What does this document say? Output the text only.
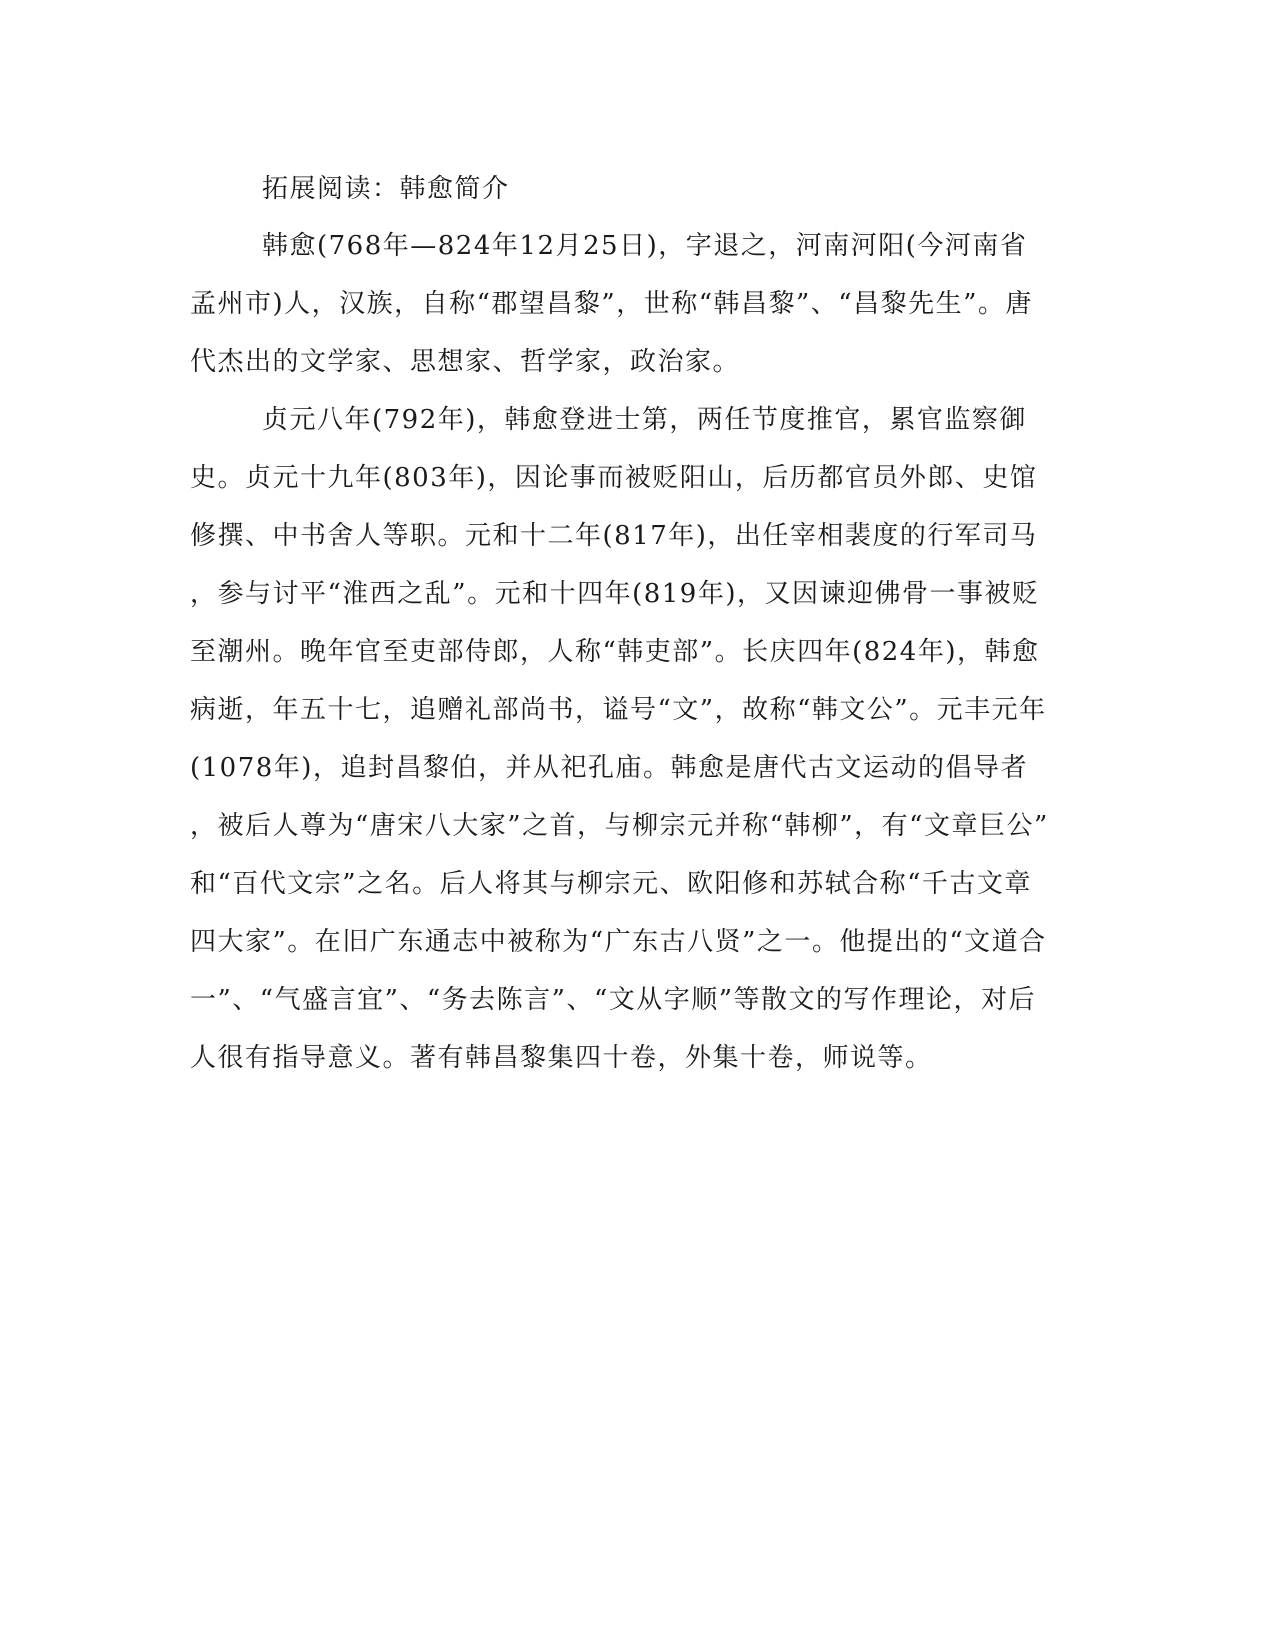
拓展阅读：韩愈简介
韩愈(768年—824年12月25日)，字退之，河南河阳(今河南省
孟州市)人，汉族，自称“郡望昌黎”，世称“韩昌黎”、“昌黎先生”。唐
代杰出的文学家、思想家、哲学家，政治家。
贞元八年(792年)，韩愈登进士第，两任节度推官，累官监察御
史。贞元十九年(803年)，因论事而被贬阳山，后历都官员外郎、史馆
修撰、中书舍人等职。元和十二年(817年)，出任宰相裴度的行军司马
，参与讨平“淮西之乱”。元和十四年(819年)，又因谏迎佛骨一事被贬
至潮州。晚年官至吏部侍郎，人称“韩吏部”。长庆四年(824年)，韩愈
病逝，年五十七，追赠礼部尚书，谥号“文”，故称“韩文公”。元丰元年
(1078年)，追封昌黎伯，并从祀孔庙。韩愈是唐代古文运动的倡导者
，被后人尊为“唐宋八大家”之首，与柳宗元并称“韩柳”，有“文章巨公”
和“百代文宗”之名。后人将其与柳宗元、欧阳修和苏轼合称“千古文章
四大家”。在旧广东通志中被称为“广东古八贤”之一。他提出的“文道合
一”、“气盛言宜”、“务去陈言”、“文从字顺”等散文的写作理论，对后
人很有指导意义。著有韩昌黎集四十卷，外集十卷，师说等。
